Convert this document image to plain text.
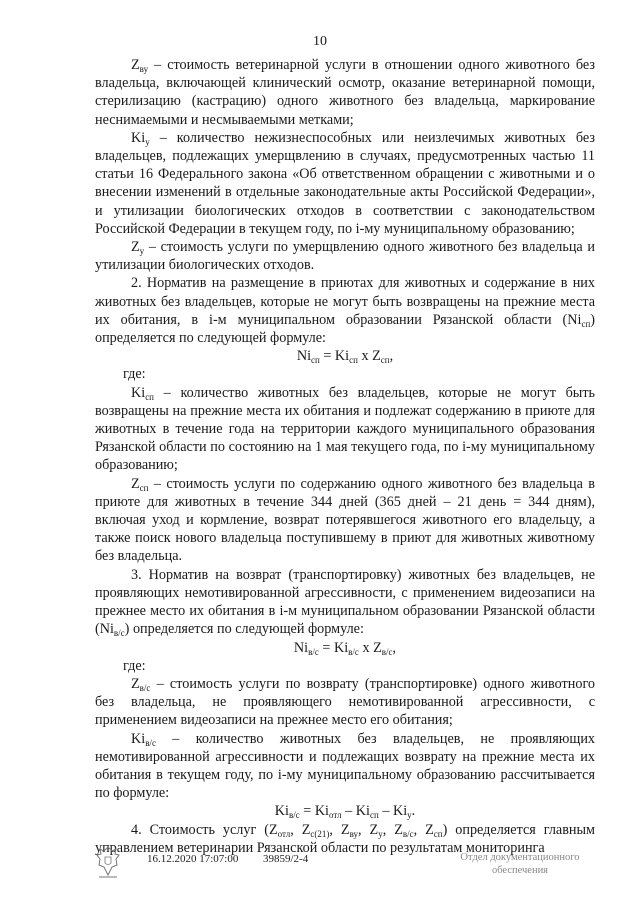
10

$Z_{ву}$ – стоимость ветеринарной услуги в отношении одного животного без владельца, включающей клинический осмотр, оказание ветеринарной помощи, стерилизацию (кастрацию) одного животного без владельца, маркирование неснимаемыми и несмываемыми метками;

$Ki_у$ – количество нежизнеспособных или неизлечимых животных без владельцев, подлежащих умерщвлению в случаях, предусмотренных частью 11 статьи 16 Федерального закона «Об ответственном обращении с животными и о внесении изменений в отдельные законодательные акты Российской Федерации», и утилизации биологических отходов в соответствии с законодательством Российской Федерации в текущем году, по i-му муниципальному образованию;

$Z_у$ – стоимость услуги по умерщвлению одного животного без владельца и утилизации биологических отходов.

2. Норматив на размещение в приютах для животных и содержание в них животных без владельцев, которые не могут быть возвращены на прежние места их обитания, в i-м муниципальном образовании Рязанской области $(Ni_{сп})$ определяется по следующей формуле:

$Ni_{сп} = Ki_{сп}$ х $Z_{сп}$,

где:

$Ki_{сп}$ – количество животных без владельцев, которые не могут быть возвращены на прежние места их обитания и подлежат содержанию в приюте для животных в течение года на территории каждого муниципального образования Рязанской области по состоянию на 1 мая текущего года, по i-му муниципальному образованию;

$Z_{сп}$ – стоимость услуги по содержанию одного животного без владельца в приюте для животных в течение 344 дней (365 дней – 21 день = 344 дням), включая уход и кормление, возврат потерявшегося животного его владельцу, а также поиск нового владельца поступившему в приют для животных животному без владельца.

3. Норматив на возврат (транспортировку) животных без владельцев, не проявляющих немотивированной агрессивности, с применением видеозаписи на прежнее место их обитания в i-м муниципальном образовании Рязанской области $(Ni_{в/с})$ определяется по следующей формуле:

$Ni_{в/с} = Ki_{в/с}$ х $Z_{в/с}$,

где:

$Z_{в/с}$ – стоимость услуги по возврату (транспортировке) одного животного без владельца, не проявляющего немотивированной агрессивности, с применением видеозаписи на прежнее место его обитания;

$Ki_{в/с}$ – количество животных без владельцев, не проявляющих немотивированной агрессивности и подлежащих возврату на прежние места их обитания в текущем году, по i-му муниципальному образованию рассчитывается по формуле:

$Ki_{в/с} = Ki_{отл} - Ki_{сп} - Ki_у$.

4. Стоимость услуг ($Z_{отл}$, $Z_{с(21)}$, $Z_{ву}$, $Z_у$, $Z_{в/с}$, $Z_{сп}$) определяется главным управлением ветеринарии Рязанской области по результатам мониторинга

16.12.2020 17:07:00 39859/2-4	Отдел документационного
обеспечения
